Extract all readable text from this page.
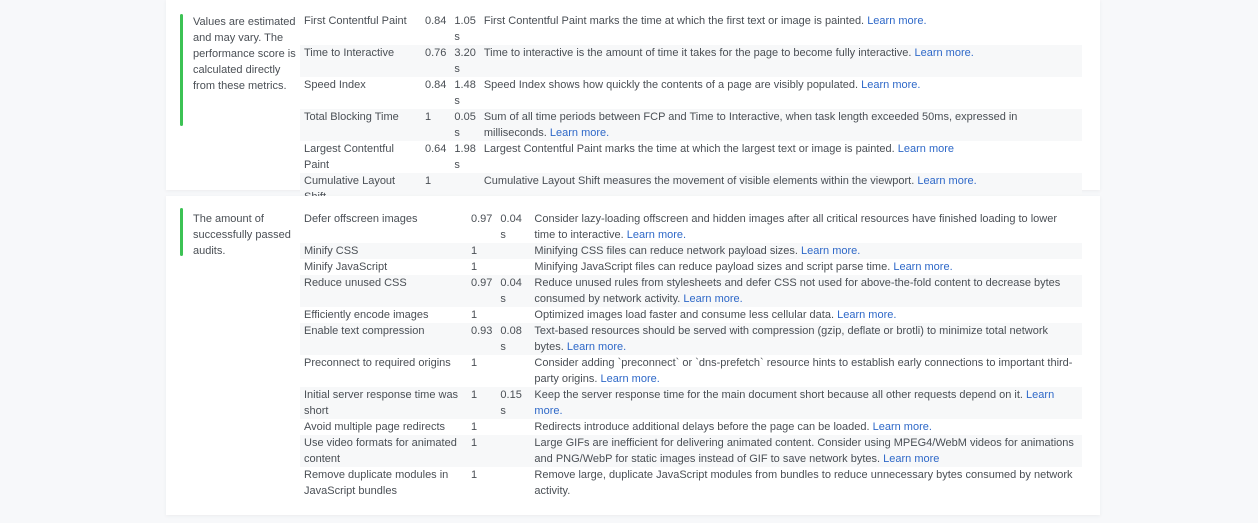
Values are estimated and may vary. The performance score is calculated directly from these metrics.
First Contentful Paint	0.84	1.05 s	First Contentful Paint marks the time at which the first text or image is painted. Learn more.
Time to Interactive	0.76	3.20 s	Time to interactive is the amount of time it takes for the page to become fully interactive. Learn more.
Speed Index	0.84	1.48 s	Speed Index shows how quickly the contents of a page are visibly populated. Learn more.
Total Blocking Time	1	0.05 s	Sum of all time periods between FCP and Time to Interactive, when task length exceeded 50ms, expressed in milliseconds. Learn more.
Largest Contentful Paint	0.64	1.98 s	Largest Contentful Paint marks the time at which the largest text or image is painted. Learn more
Cumulative Layout	1		Cumulative Layout Shift measures the movement of visible elements within the viewport. Learn more.
The amount of successfully passed audits.
Defer offscreen images	0.97	0.04 s	Consider lazy-loading offscreen and hidden images after all critical resources have finished loading to lower time to interactive. Learn more.
Minify CSS	1		Minifying CSS files can reduce network payload sizes. Learn more.
Minify JavaScript	1		Minifying JavaScript files can reduce payload sizes and script parse time. Learn more.
Reduce unused CSS	0.97	0.04 s	Reduce unused rules from stylesheets and defer CSS not used for above-the-fold content to decrease bytes consumed by network activity. Learn more.
Efficiently encode images	1		Optimized images load faster and consume less cellular data. Learn more.
Enable text compression	0.93	0.08 s	Text-based resources should be served with compression (gzip, deflate or brotli) to minimize total network bytes. Learn more.
Preconnect to required origins	1		Consider adding `preconnect` or `dns-prefetch` resource hints to establish early connections to important third-party origins. Learn more.
Initial server response time was short	1	0.15 s	Keep the server response time for the main document short because all other requests depend on it. Learn more.
Avoid multiple page redirects	1		Redirects introduce additional delays before the page can be loaded. Learn more.
Use video formats for animated content	1		Large GIFs are inefficient for delivering animated content. Consider using MPEG4/WebM videos for animations and PNG/WebP for static images instead of GIF to save network bytes. Learn more
Remove duplicate modules in JavaScript bundles	1		Remove large, duplicate JavaScript modules from bundles to reduce unnecessary bytes consumed by network activity.
